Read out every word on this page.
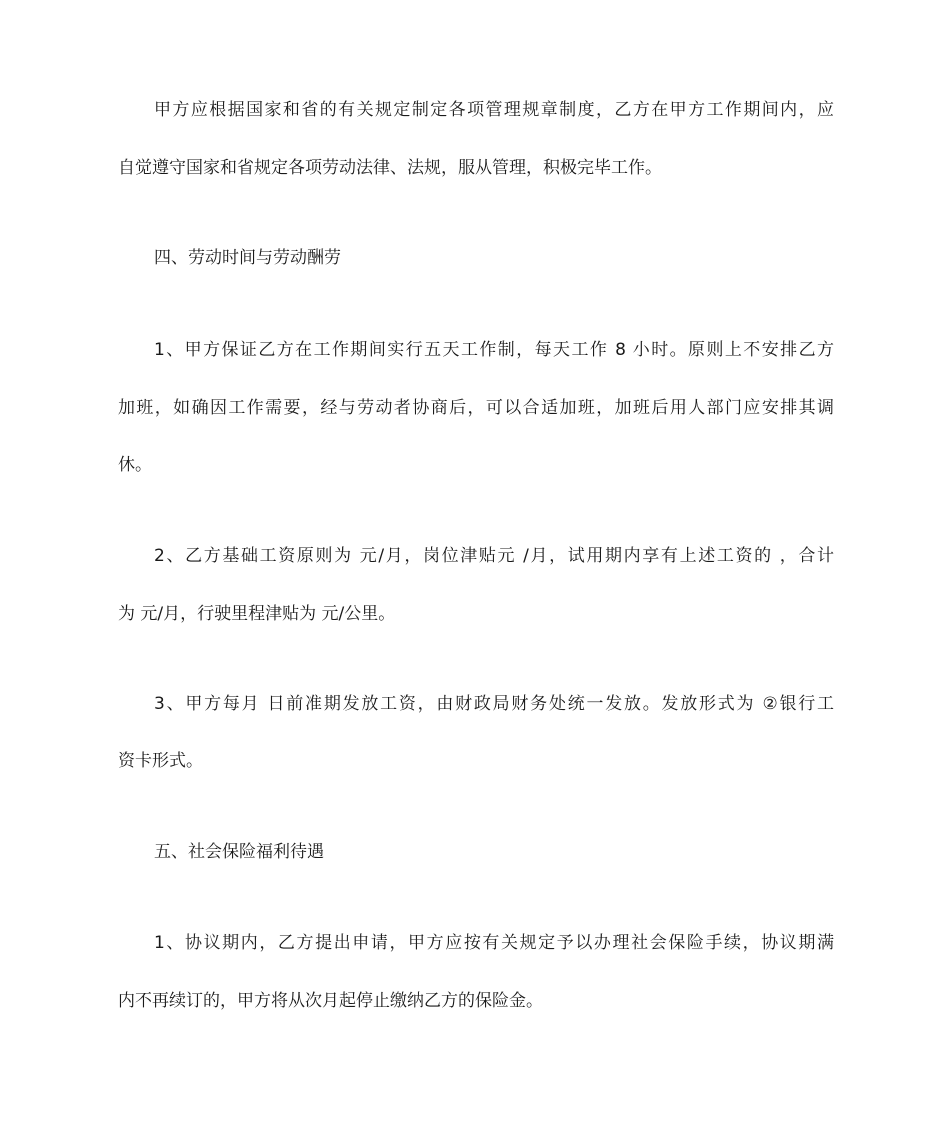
甲方应根据国家和省的有关规定制定各项管理规章制度，乙方在甲方工作期间内，应
自觉遵守国家和省规定各项劳动法律、法规，服从管理，积极完毕工作。
四、劳动时间与劳动酬劳
1、甲方保证乙方在工作期间实行五天工作制，每天工作 8 小时。原则上不安排乙方
加班，如确因工作需要，经与劳动者协商后，可以合适加班，加班后用人部门应安排其调
休。
2、乙方基础工资原则为 元/月，岗位津贴元 /月，试用期内享有上述工资的 ，合计
为 元/月，行驶里程津贴为 元/公里。
3、甲方每月 日前准期发放工资，由财政局财务处统一发放。发放形式为 ②银行工
资卡形式。
五、社会保险福利待遇
1、协议期内，乙方提出申请，甲方应按有关规定予以办理社会保险手续，协议期满
内不再续订的，甲方将从次月起停止缴纳乙方的保险金。
